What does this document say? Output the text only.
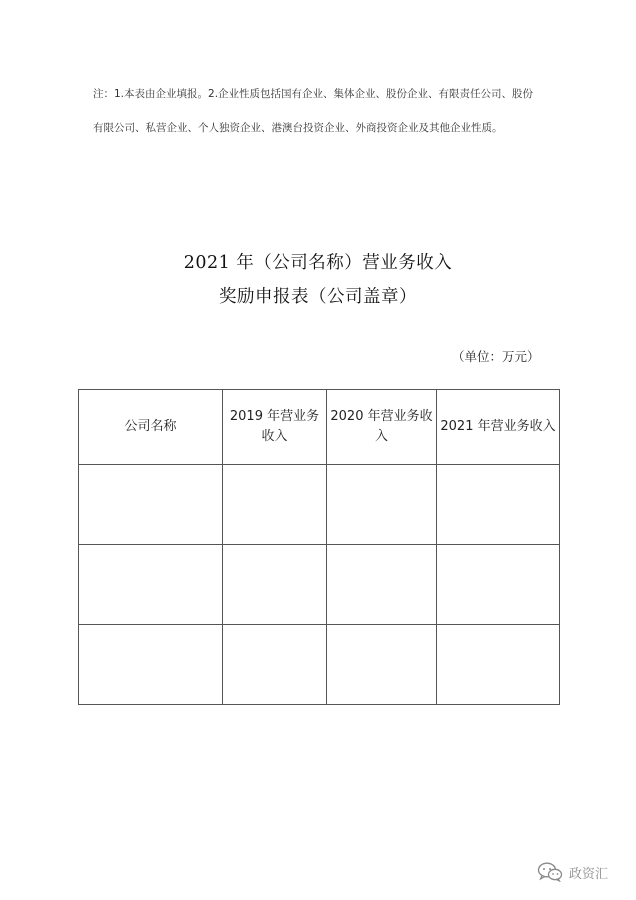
注：1.本表由企业填报。2.企业性质包括国有企业、集体企业、股份企业、有限责任公司、股份
有限公司、私营企业、个人独资企业、港澳台投资企业、外商投资企业及其他企业性质。
2021 年（公司名称）营业务收入
奖励申报表（公司盖章）
（单位：万元）
公司名称	2019 年营业务收入	2020 年营业务收入	2021 年营业务收入

政资汇
